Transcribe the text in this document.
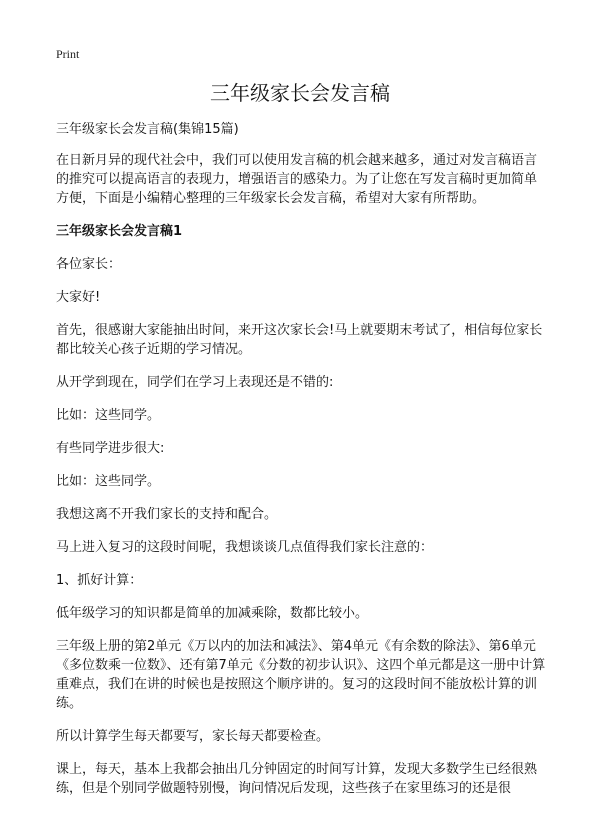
Print
三年级家长会发言稿

三年级家长会发言稿(集锦15篇)

在日新月异的现代社会中，我们可以使用发言稿的机会越来越多，通过对发言稿语言的推究可以提高语言的表现力，增强语言的感染力。为了让您在写发言稿时更加简单方便，下面是小编精心整理的三年级家长会发言稿，希望对大家有所帮助。

三年级家长会发言稿1

各位家长：

大家好!

首先，很感谢大家能抽出时间，来开这次家长会!马上就要期末考试了，相信每位家长都比较关心孩子近期的学习情况。

从开学到现在，同学们在学习上表现还是不错的:

比如：这些同学。

有些同学进步很大:

比如：这些同学。

我想这离不开我们家长的支持和配合。

马上进入复习的这段时间呢，我想谈谈几点值得我们家长注意的：

1、抓好计算：

低年级学习的知识都是简单的加减乘除，数都比较小。

三年级上册的第2单元《万以内的加法和减法》、第4单元《有余数的除法》、第6单元《多位数乘一位数》、还有第7单元《分数的初步认识》、这四个单元都是这一册中计算重难点，我们在讲的时候也是按照这个顺序讲的。复习的这段时间不能放松计算的训练。

所以计算学生每天都要写，家长每天都要检查。

课上，每天，基本上我都会抽出几分钟固定的时间写计算，发现大多数学生已经很熟练，但是个别同学做题特别慢，询问情况后发现，这些孩子在家里练习的还是很
